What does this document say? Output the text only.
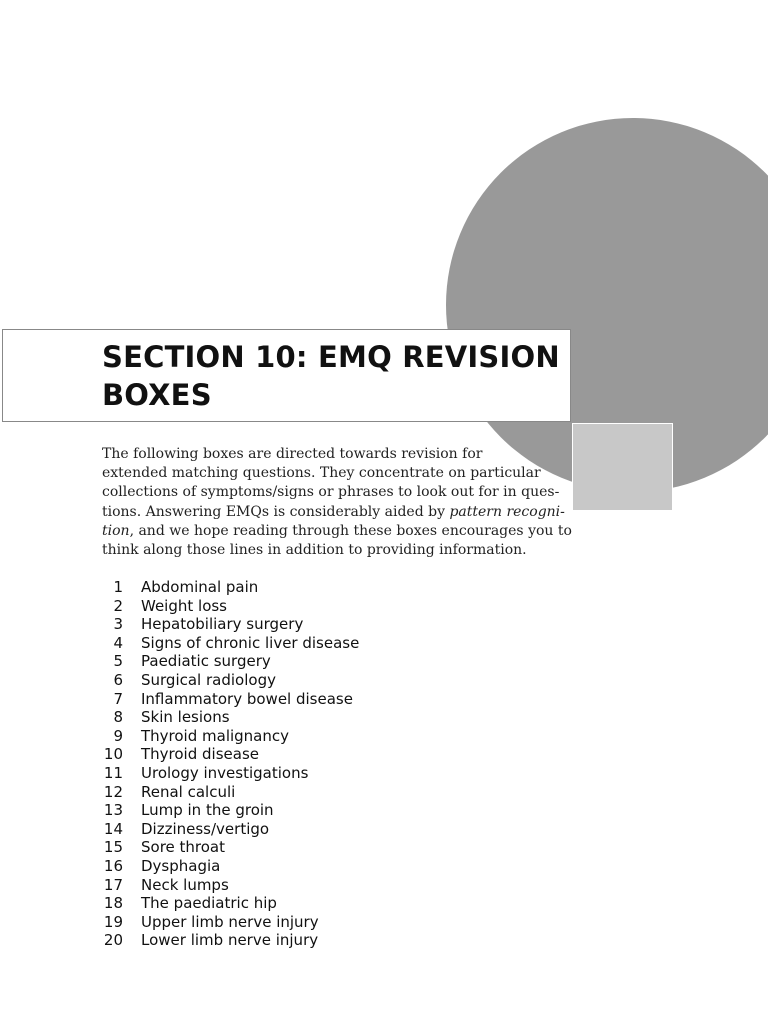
SECTION 10: EMQ REVISION BOXES

The following boxes are directed towards revision for

extended matching questions. They concentrate on particular

collections of symptoms/signs or phrases to look out for in ques-

tions. Answering EMQs is considerably aided by pattern recogni-

tion, and we hope reading through these boxes encourages you to

think along those lines in addition to providing information.

1	Abdominal pain
2	Weight loss
3	Hepatobiliary surgery
4	Signs of chronic liver disease
5	Paediatic surgery
6	Surgical radiology
7	Inflammatory bowel disease
8	Skin lesions
9	Thyroid malignancy
10	Thyroid disease
11	Urology investigations
12	Renal calculi
13	Lump in the groin
14	Dizziness/vertigo
15	Sore throat
16	Dysphagia
17	Neck lumps
18	The paediatric hip
19	Upper limb nerve injury
20	Lower limb nerve injury
